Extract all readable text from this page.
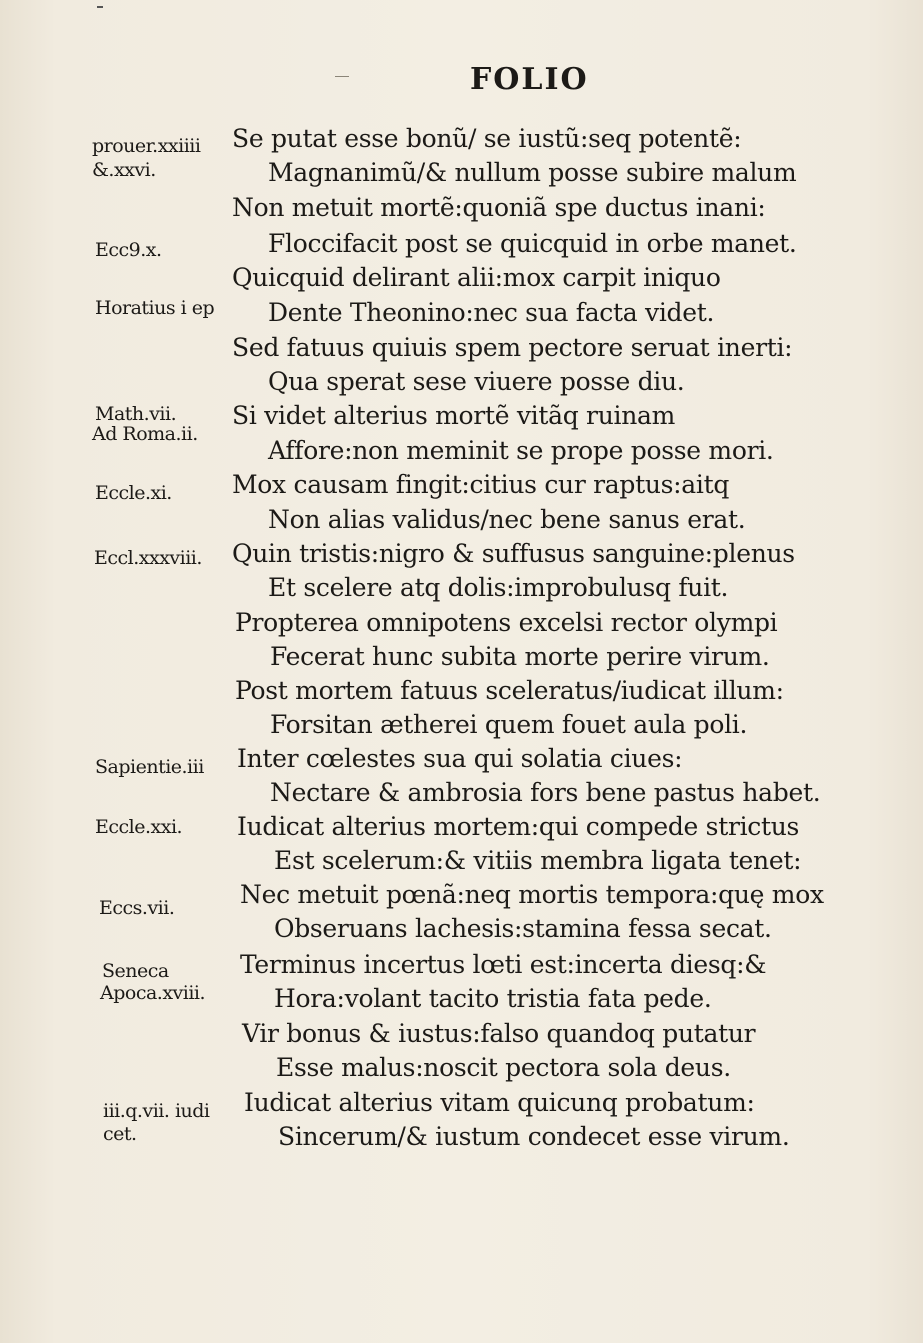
FOLIO
prouer.xxiiii
&.xxvi.
Ecc9.x.
Horatius i ep
Math.vii.
Ad Roma.ii.
Eccle.xi.
Eccl.xxxviii.
Sapientie.iii
Eccle.xxi.
Eccs.vii.
Seneca
Apoca.xviii.
iii.q.vii. iudi
cet.
Se putat esse bonũ/ se iustũ:seq potentẽ:
Magnanimũ/& nullum posse subire malum
Non metuit mortẽ:quoniã spe ductus inani:
Floccifacit post se quicquid in orbe manet.
Quicquid delirant alii:mox carpit iniquo
Dente Theonino:nec sua facta videt.
Sed fatuus quiuis spem pectore seruat inerti:
Qua sperat sese viuere posse diu.
Si videt alterius mortẽ vitãq ruinam
Affore:non meminit se prope posse mori.
Mox causam fingit:citius cur raptus:aitq
Non alias validus/nec bene sanus erat.
Quin tristis:nigro & suffusus sanguine:plenus
Et scelere atq dolis:improbulusq fuit.
Propterea omnipotens excelsi rector olympi
Fecerat hunc subita morte perire virum.
Post mortem fatuus sceleratus/iudicat illum:
Forsitan ætherei quem fouet aula poli.
Inter cœlestes sua qui solatia ciues:
Nectare & ambrosia fors bene pastus habet.
Iudicat alterius mortem:qui compede strictus
Est scelerum:& vitiis membra ligata tenet:
Nec metuit pœnã:neq mortis tempora:quę mox
Obseruans lachesis:stamina fessa secat.
Terminus incertus lœti est:incerta diesq:&
Hora:volant tacito tristia fata pede.
Vir bonus & iustus:falso quandoq putatur
Esse malus:noscit pectora sola deus.
Iudicat alterius vitam quicunq probatum:
Sincerum/& iustum condecet esse virum.
